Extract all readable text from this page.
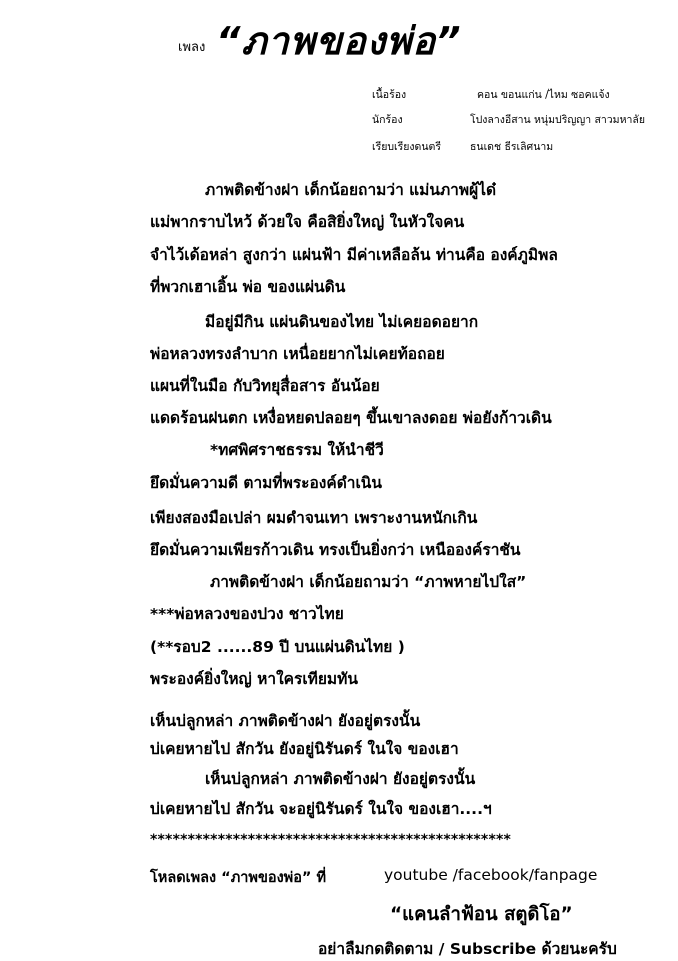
เพลง “ภาพของพ่อ”
เนื้อร้อง	คอน ขอนแก่น /ไหม ซอคแจ้ง
นักร้อง	โปงลางอีสาน หนุ่มปริญญา สาวมหาลัย
เรียบเรียงดนตรี	ธนเดช ธีรเลิศนาม
ภาพติดข้างฝา เด็กน้อยถามว่า แม่นภาพผู้ได๋
แม่พากราบไหว้ ด้วยใจ คือสิยิ่งใหญ่ ในหัวใจคน
จำไว้เด้อหล่า สูงกว่า แผ่นฟ้า มีค่าเหลือล้น ท่านคือ องค์ภูมิพล
ที่พวกเฮาเอิ้น พ่อ ของแผ่นดิน
มีอยู่มีกิน แผ่นดินของไทย ไม่เคยอดอยาก
พ่อหลวงทรงลำบาก เหนื่อยยากไม่เคยท้อถอย
แผนที่ในมือ กับวิทยุสื่อสาร อันน้อย
แดดร้อนฝนตก เหงื่อหยดปลอยๆ ขึ้นเขาลงดอย พ่อยังก้าวเดิน
*ทศพิศราชธรรม ให้นำชีวี
ยึดมั่นความดี ตามที่พระองค์ดำเนิน
เพียงสองมือเปล่า ผมดำจนเทา เพราะงานหนักเกิน
ยึดมั่นความเพียรก้าวเดิน ทรงเป็นยิ่งกว่า เหนือองค์ราชัน
ภาพติดข้างฝา เด็กน้อยถามว่า “ภาพหายไปใส”
***พ่อหลวงของปวง ชาวไทย
(**รอบ2 ......89 ปี บนแผ่นดินไทย )
พระองค์ยิ่งใหญ่ หาใครเทียมทัน
เห็นบ่ลูกหล่า ภาพติดข้างฝา ยังอยู่ตรงนั้น
บ่เคยหายไป สักวัน ยังอยู่นิรันดร์ ในใจ ของเฮา
เห็นบ่ลูกหล่า ภาพติดข้างฝา ยังอยู่ตรงนั้น
บ่เคยหายไป สักวัน จะอยู่นิรันดร์ ในใจ ของเฮา....ฯ
************************************************
โหลดเพลง “ภาพของพ่อ” ที่	youtube /facebook/fanpage
“แคนลำฟ้อน สตูดิโอ”
อย่าลืมกดติดตาม / Subscribe ด้วยนะครับ
